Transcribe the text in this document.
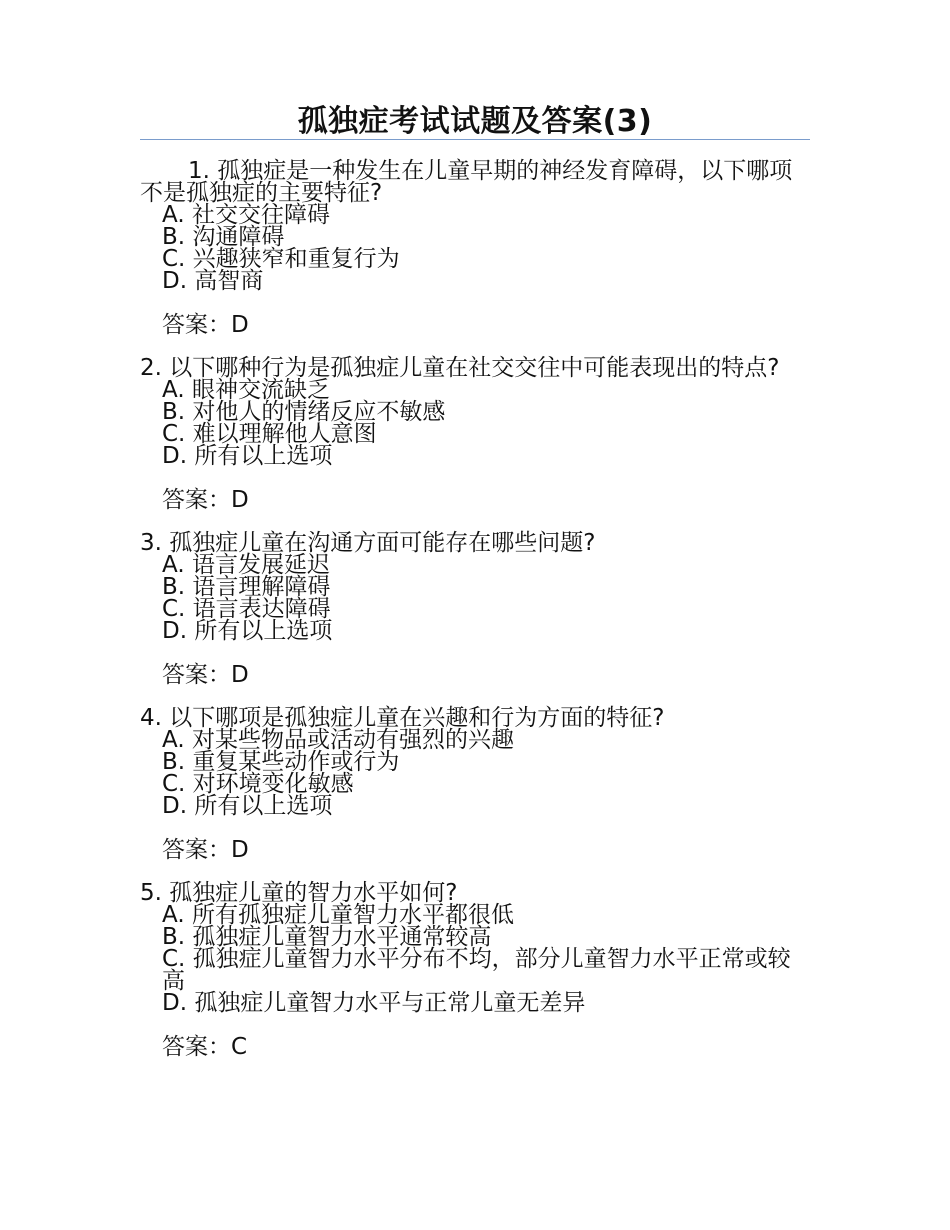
孤独症考试试题及答案(3)

1. 孤独症是一种发生在儿童早期的神经发育障碍，以下哪项不是孤独症的主要特征?

A. 社交交往障碍

B. 沟通障碍

C. 兴趣狭窄和重复行为

D. 高智商

答案：D

2. 以下哪种行为是孤独症儿童在社交交往中可能表现出的特点?

A. 眼神交流缺乏

B. 对他人的情绪反应不敏感

C. 难以理解他人意图

D. 所有以上选项

答案：D

3. 孤独症儿童在沟通方面可能存在哪些问题?

A. 语言发展延迟

B. 语言理解障碍

C. 语言表达障碍

D. 所有以上选项

答案：D

4. 以下哪项是孤独症儿童在兴趣和行为方面的特征?

A. 对某些物品或活动有强烈的兴趣

B. 重复某些动作或行为

C. 对环境变化敏感

D. 所有以上选项

答案：D

5. 孤独症儿童的智力水平如何?

A. 所有孤独症儿童智力水平都很低

B. 孤独症儿童智力水平通常较高

C. 孤独症儿童智力水平分布不均，部分儿童智力水平正常或较高

D. 孤独症儿童智力水平与正常儿童无差异

答案：C
